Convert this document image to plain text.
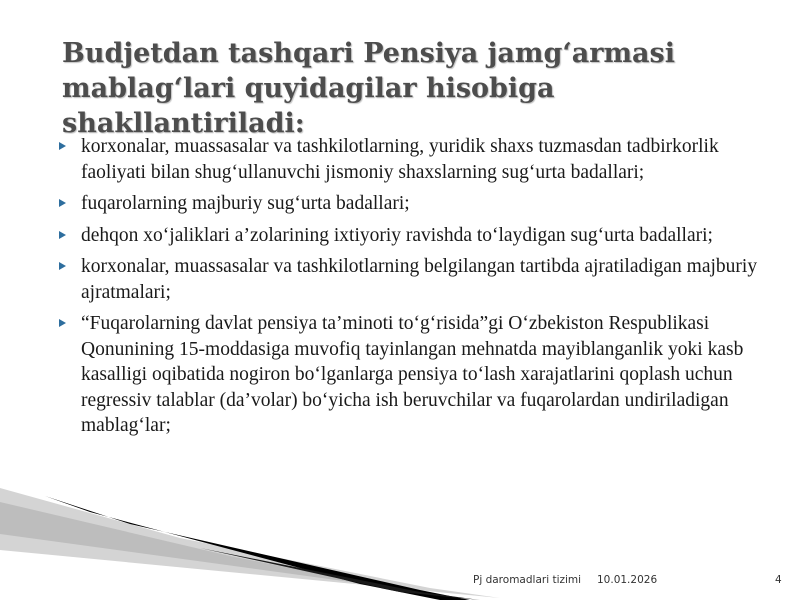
Budjetdan tashqari Pensiya jamg‘armasi mablag‘lari quyidagilar hisobiga shakllantiriladi:
korxonalar, muassasalar va tashkilotlarning, yuridik shaxs tuzmasdan tadbirkorlik faoliyati bilan shug‘ullanuvchi jismoniy shaxslarning sug‘urta badallari;
fuqarolarning majburiy sug‘urta badallari;
dehqon xo‘jaliklari a’zolarining ixtiyoriy ravishda to‘laydigan sug‘urta badallari;
korxonalar, muassasalar va tashkilotlarning belgilangan tartibda ajratiladigan majburiy ajratmalari;
“Fuqarolarning davlat pensiya ta’minoti to‘g‘risida”gi O‘zbekiston Respublikasi Qonunining 15-moddasiga muvofiq tayinlangan mehnatda mayiblanganlik yoki kasb kasalligi oqibatida nogiron bo‘lganlarga pensiya to‘lash xarajatlarini qoplash uchun regressiv talablar (da’volar) bo‘yicha ish beruvchilar va fuqarolardan undiriladigan mablag‘lar;
Pj daromadlari tizimi 10.01.2026	4
